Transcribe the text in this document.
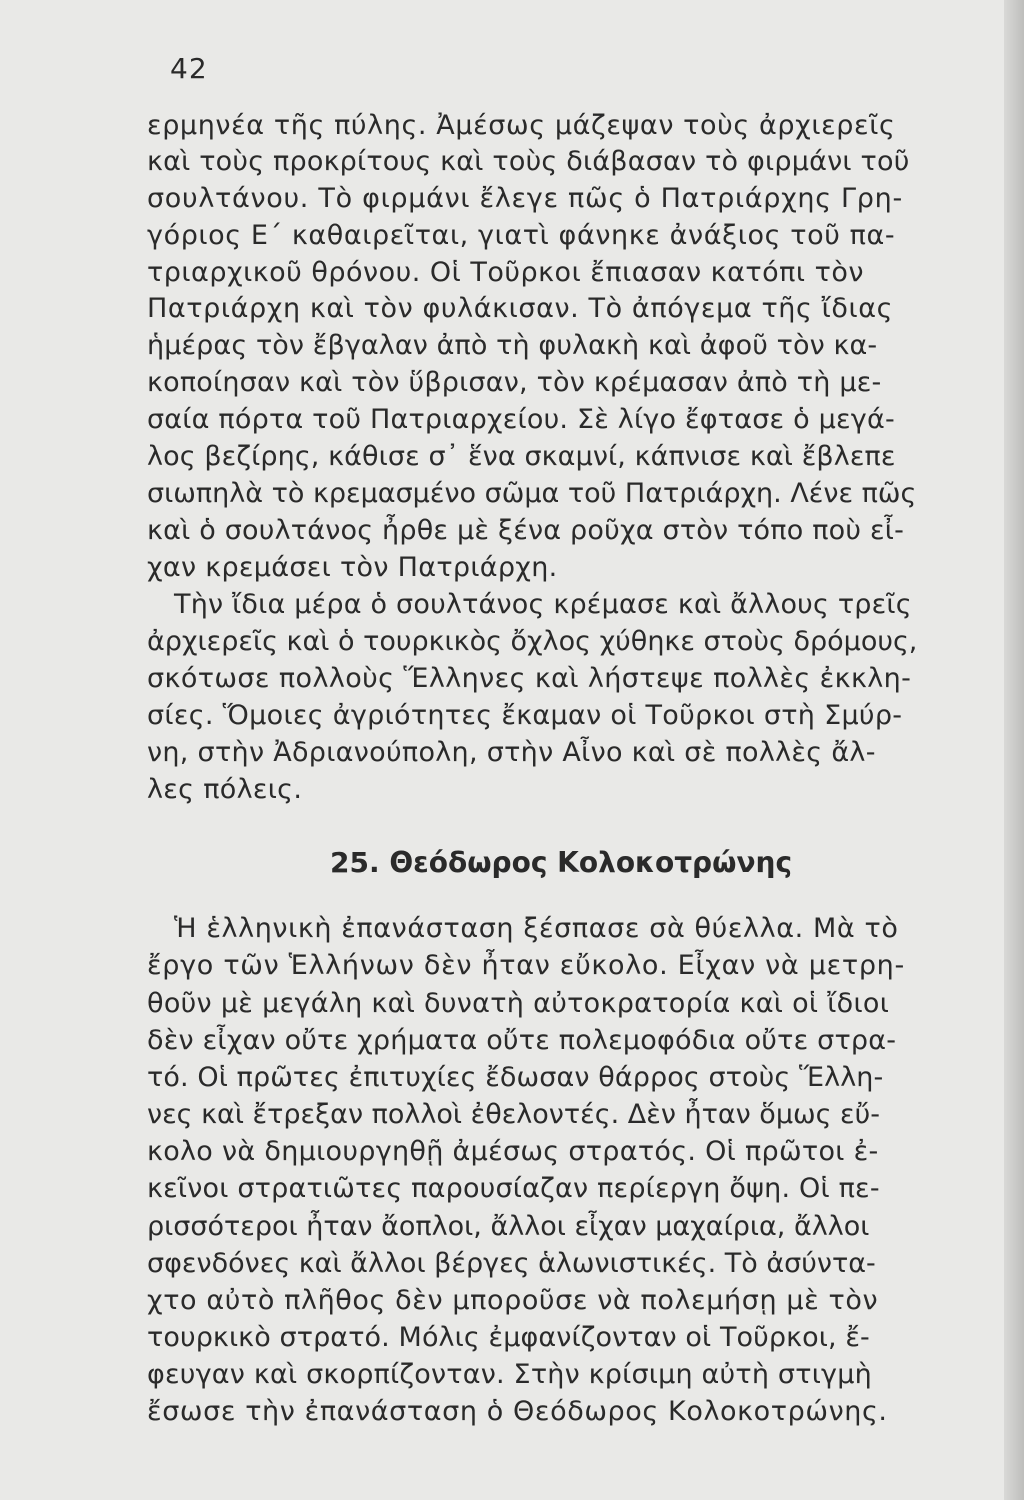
42
ερμηνέα τῆς πύλης. Ἀμέσως μάζεψαν τοὺς ἀρχιερεῖς
καὶ τοὺς προκρίτους καὶ τοὺς διάβασαν τὸ φιρμάνι τοῦ
σουλτάνου. Τὸ φιρμάνι ἔλεγε πῶς ὁ Πατριάρχης Γρη-
γόριος Ε´ καθαιρεῖται, γιατὶ φάνηκε ἀνάξιος τοῦ πα-
τριαρχικοῦ θρόνου. Οἱ Τοῦρκοι ἔπιασαν κατόπι τὸν
Πατριάρχη καὶ τὸν φυλάκισαν. Τὸ ἀπόγεμα τῆς ἴδιας
ἡμέρας τὸν ἔβγαλαν ἀπὸ τὴ φυλακὴ καὶ ἀφοῦ τὸν κα-
κοποίησαν καὶ τὸν ὕβρισαν, τὸν κρέμασαν ἀπὸ τὴ με-
σαία πόρτα τοῦ Πατριαρχείου. Σὲ λίγο ἔφτασε ὁ μεγά-
λος βεζίρης, κάθισε σ᾽ ἕνα σκαμνί, κάπνισε καὶ ἔβλεπε
σιωπηλὰ τὸ κρεμασμένο σῶμα τοῦ Πατριάρχη. Λένε πῶς
καὶ ὁ σουλτάνος ἦρθε μὲ ξένα ροῦχα στὸν τόπο ποὺ εἶ-
χαν κρεμάσει τὸν Πατριάρχη.
Τὴν ἴδια μέρα ὁ σουλτάνος κρέμασε καὶ ἄλλους τρεῖς
ἀρχιερεῖς καὶ ὁ τουρκικὸς ὄχλος χύθηκε στοὺς δρόμους,
σκότωσε πολλοὺς Ἕλληνες καὶ λήστεψε πολλὲς ἐκκλη-
σίες. Ὅμοιες ἀγριότητες ἔκαμαν οἱ Τοῦρκοι στὴ Σμύρ-
νη, στὴν Ἀδριανούπολη, στὴν Αἶνο καὶ σὲ πολλὲς ἄλ-
λες πόλεις.
25. Θεόδωρος Κολοκοτρώνης
Ἡ ἑλληνικὴ ἐπανάσταση ξέσπασε σὰ θύελλα. Μὰ τὸ
ἔργο τῶν Ἑλλήνων δὲν ἦταν εὔκολο. Εἶχαν νὰ μετρη-
θοῦν μὲ μεγάλη καὶ δυνατὴ αὐτοκρατορία καὶ οἱ ἴδιοι
δὲν εἶχαν οὔτε χρήματα οὔτε πολεμοφόδια οὔτε στρα-
τό. Οἱ πρῶτες ἐπιτυχίες ἔδωσαν θάρρος στοὺς Ἕλλη-
νες καὶ ἔτρεξαν πολλοὶ ἐθελοντές. Δὲν ἦταν ὅμως εὔ-
κολο νὰ δημιουργηθῇ ἀμέσως στρατός. Οἱ πρῶτοι ἐ-
κεῖνοι στρατιῶτες παρουσίαζαν περίεργη ὄψη. Οἱ πε-
ρισσότεροι ἦταν ἄοπλοι, ἄλλοι εἶχαν μαχαίρια, ἄλλοι
σφενδόνες καὶ ἄλλοι βέργες ἁλωνιστικές. Τὸ ἀσύντα-
χτο αὐτὸ πλῆθος δὲν μποροῦσε νὰ πολεμήσῃ μὲ τὸν
τουρκικὸ στρατό. Μόλις ἐμφανίζονταν οἱ Τοῦρκοι, ἔ-
φευγαν καὶ σκορπίζονταν. Στὴν κρίσιμη αὐτὴ στιγμὴ
ἔσωσε τὴν ἐπανάσταση ὁ Θεόδωρος Κολοκοτρώνης.
